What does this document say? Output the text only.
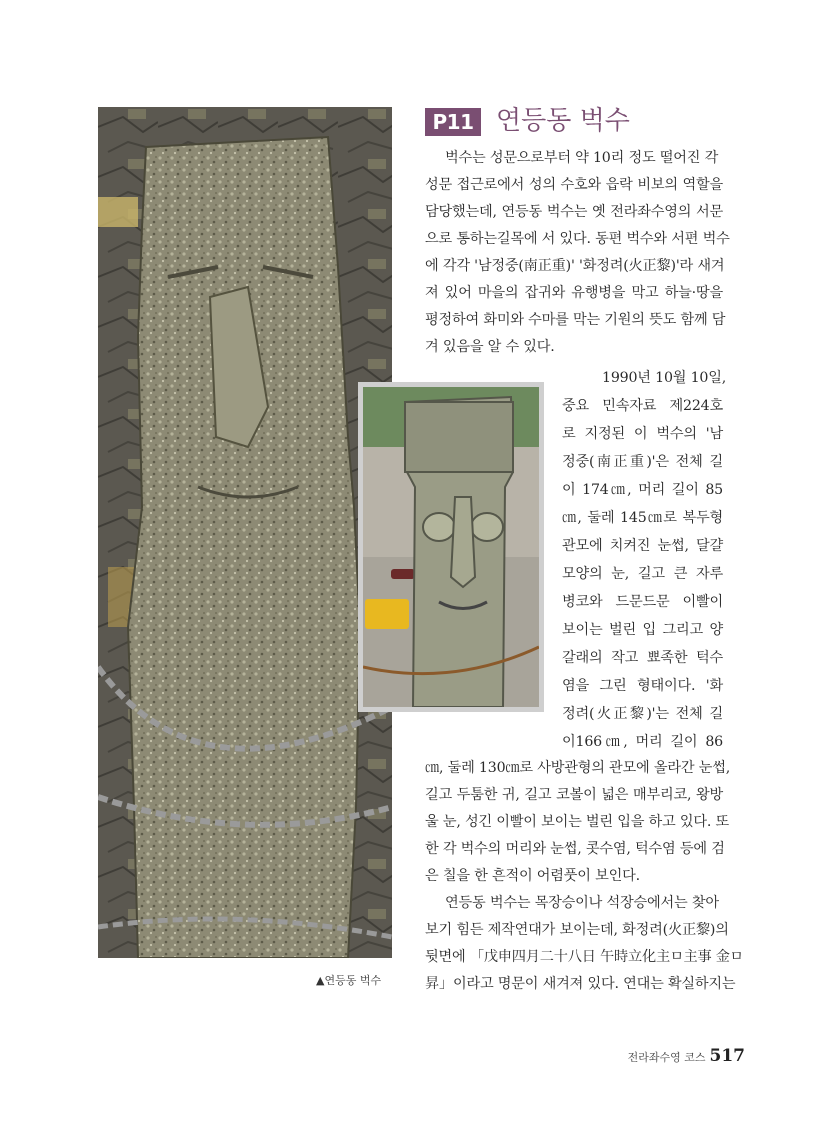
▲연등동 벅수
P11 연등동 벅수
벅수는 성문으로부터 약 10리 정도 떨어진 각
성문 접근로에서 성의 수호와 읍락 비보의 역할을
담당했는데, 연등동 벅수는 옛 전라좌수영의 서문
으로 통하는길목에 서 있다. 동편 벅수와 서편 벅수
에 각각 '남정중(南正重)' '화정려(火正黎)'라 새겨
져 있어 마을의 잡귀와 유행병을 막고 하늘·땅을
평정하여 화미와 수마를 막는 기원의 뜻도 함께 담
겨 있음을 알 수 있다.
1990년 10월 10일,
중요 민속자료 제224호
로 지정된 이 벅수의 '남
정중(南正重)'은 전체 길
이 174㎝, 머리 길이 85
㎝, 둘레 145㎝로 복두형
관모에 치켜진 눈썹, 달걀
모양의 눈, 길고 큰 자루
병코와 드문드문 이빨이
보이는 벌린 입 그리고 양
갈래의 작고 뾰족한 턱수
염을 그린 형태이다. '화
정려(火正黎)'는 전체 길
이166㎝, 머리 길이 86
㎝, 둘레 130㎝로 사방관형의 관모에 올라간 눈썹,
길고 두툼한 귀, 길고 코볼이 넓은 매부리코, 왕방
울 눈, 성긴 이빨이 보이는 벌린 입을 하고 있다. 또
한 각 벅수의 머리와 눈썹, 콧수염, 턱수염 등에 검
은 칠을 한 흔적이 어렴풋이 보인다.
연등동 벅수는 목장승이나 석장승에서는 찾아
보기 힘든 제작연대가 보이는데, 화정려(火正黎)의
뒷면에 「戊申四月二十八日 午時立化主ㅁ主事 金ㅁ
昇」이라고 명문이 새겨져 있다. 연대는 확실하지는
전라좌수영 코스 517
